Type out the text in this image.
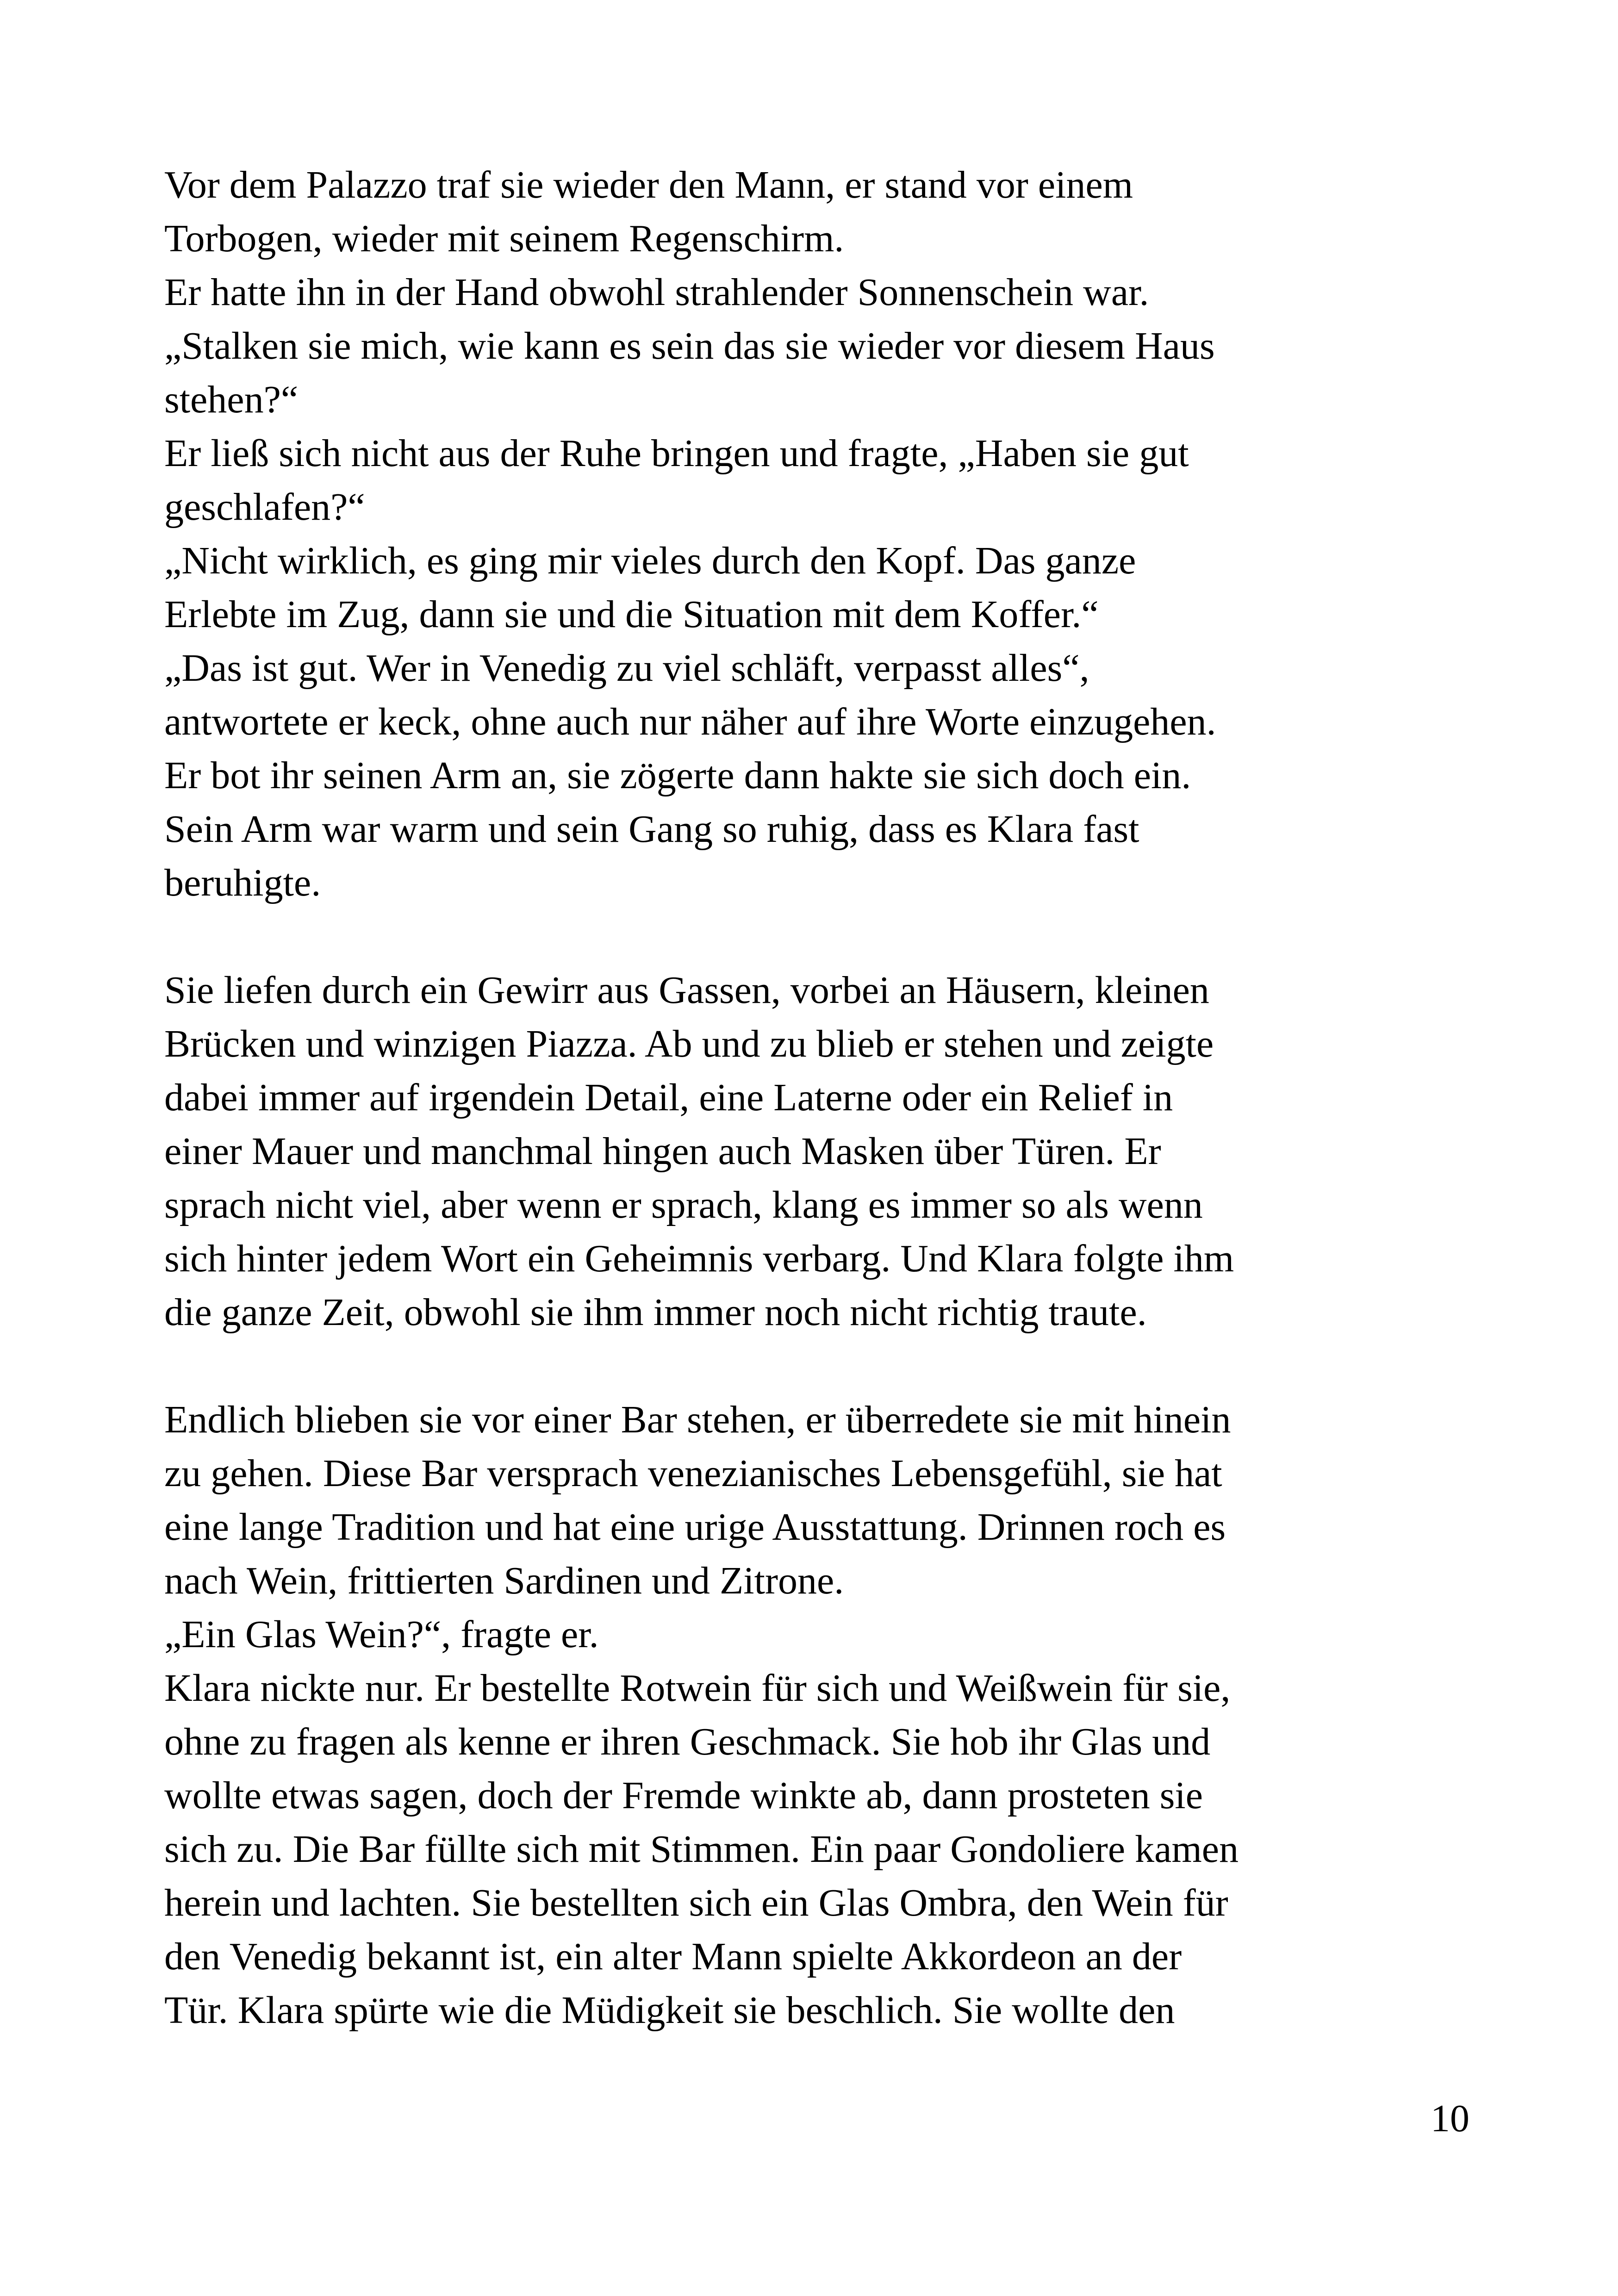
Vor dem Palazzo traf sie wieder den Mann, er stand vor einem
Torbogen, wieder mit seinem Regenschirm.
Er hatte ihn in der Hand obwohl strahlender Sonnenschein war.
„Stalken sie mich, wie kann es sein das sie wieder vor diesem Haus
stehen?“
Er ließ sich nicht aus der Ruhe bringen und fragte, „Haben sie gut
geschlafen?“
„Nicht wirklich, es ging mir vieles durch den Kopf. Das ganze
Erlebte im Zug, dann sie und die Situation mit dem Koffer.“
„Das ist gut. Wer in Venedig zu viel schläft, verpasst alles“,
antwortete er keck, ohne auch nur näher auf ihre Worte einzugehen.
Er bot ihr seinen Arm an, sie zögerte dann hakte sie sich doch ein.
Sein Arm war warm und sein Gang so ruhig, dass es Klara fast
beruhigte.
Sie liefen durch ein Gewirr aus Gassen, vorbei an Häusern, kleinen
Brücken und winzigen Piazza. Ab und zu blieb er stehen und zeigte
dabei immer auf irgendein Detail, eine Laterne oder ein Relief in
einer Mauer und manchmal hingen auch Masken über Türen. Er
sprach nicht viel, aber wenn er sprach, klang es immer so als wenn
sich hinter jedem Wort ein Geheimnis verbarg. Und Klara folgte ihm
die ganze Zeit, obwohl sie ihm immer noch nicht richtig traute.
Endlich blieben sie vor einer Bar stehen, er überredete sie mit hinein
zu gehen. Diese Bar versprach venezianisches Lebensgefühl, sie hat
eine lange Tradition und hat eine urige Ausstattung. Drinnen roch es
nach Wein, frittierten Sardinen und Zitrone.
„Ein Glas Wein?“, fragte er.
Klara nickte nur. Er bestellte Rotwein für sich und Weißwein für sie,
ohne zu fragen als kenne er ihren Geschmack. Sie hob ihr Glas und
wollte etwas sagen, doch der Fremde winkte ab, dann prosteten sie
sich zu. Die Bar füllte sich mit Stimmen. Ein paar Gondoliere kamen
herein und lachten. Sie bestellten sich ein Glas Ombra, den Wein für
den Venedig bekannt ist, ein alter Mann spielte Akkordeon an der
Tür. Klara spürte wie die Müdigkeit sie beschlich. Sie wollte den
10
